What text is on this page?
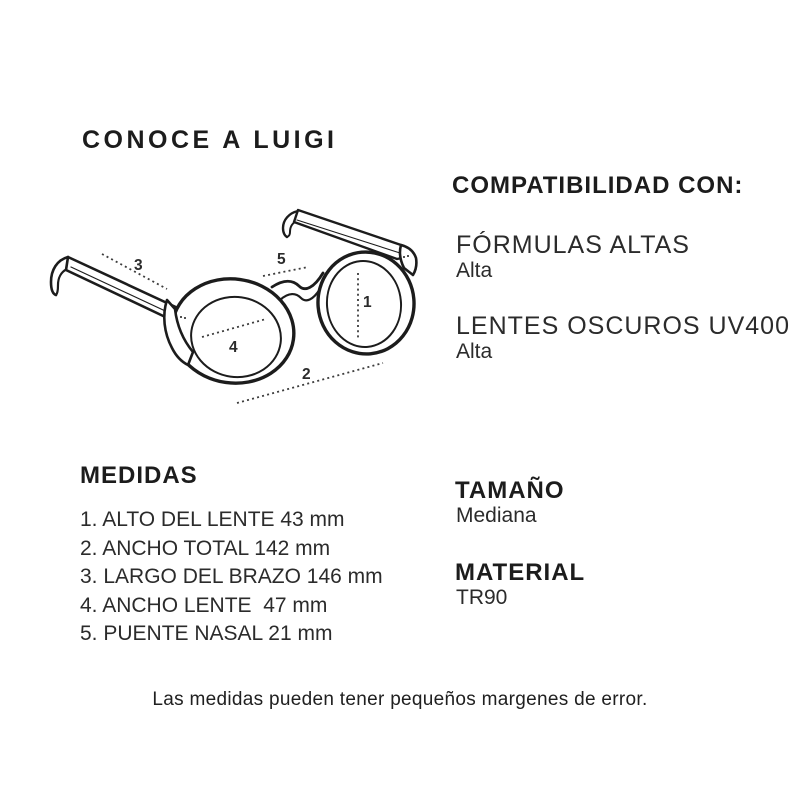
CONOCE A LUIGI
3	5
1
4
2
COMPATIBILIDAD CON:
FÓRMULAS ALTAS
Alta
LENTES OSCUROS UV400
Alta
MEDIDAS
1. ALTO DEL LENTE 43 mm
2. ANCHO TOTAL 142 mm
3. LARGO DEL BRAZO 146 mm
4. ANCHO LENTE  47 mm
5. PUENTE NASAL 21 mm
TAMAÑO
Mediana
MATERIAL
TR90
Las medidas pueden tener pequeños margenes de error.
